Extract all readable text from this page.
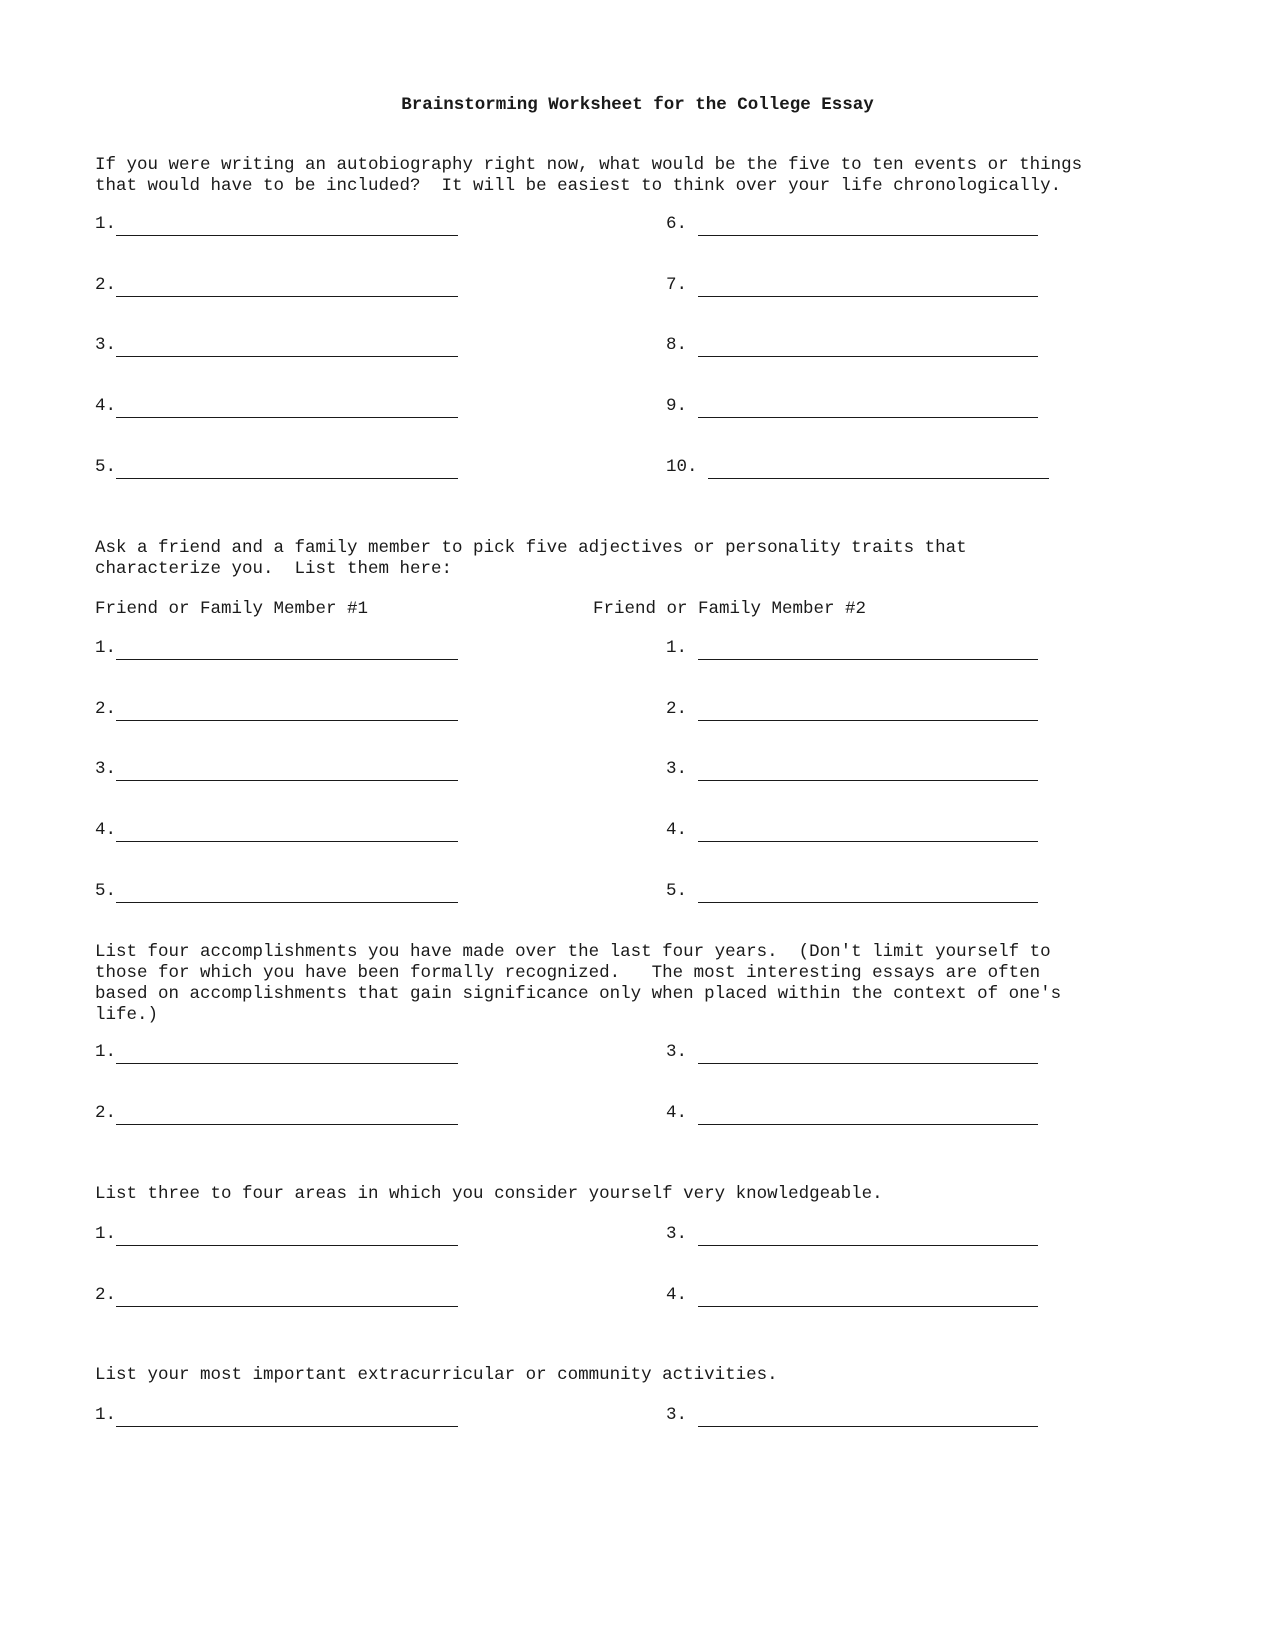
Brainstorming Worksheet for the College Essay
If you were writing an autobiography right now, what would be the five to ten events or things
that would have to be included?  It will be easiest to think over your life chronologically.
1.
2.
3.
4.
5.
6.
7.
8.
9.
10.
Ask a friend and a family member to pick five adjectives or personality traits that
characterize you.  List them here:
Friend or Family Member #1	Friend or Family Member #2
1.
2.
3.
4.
5.
1.
2.
3.
4.
5.
List four accomplishments you have made over the last four years.  (Don't limit yourself to
those for which you have been formally recognized.   The most interesting essays are often
based on accomplishments that gain significance only when placed within the context of one's
life.)
1.
2.
3.
4.
List three to four areas in which you consider yourself very knowledgeable.
1.
2.
3.
4.
List your most important extracurricular or community activities.
1.	3.
